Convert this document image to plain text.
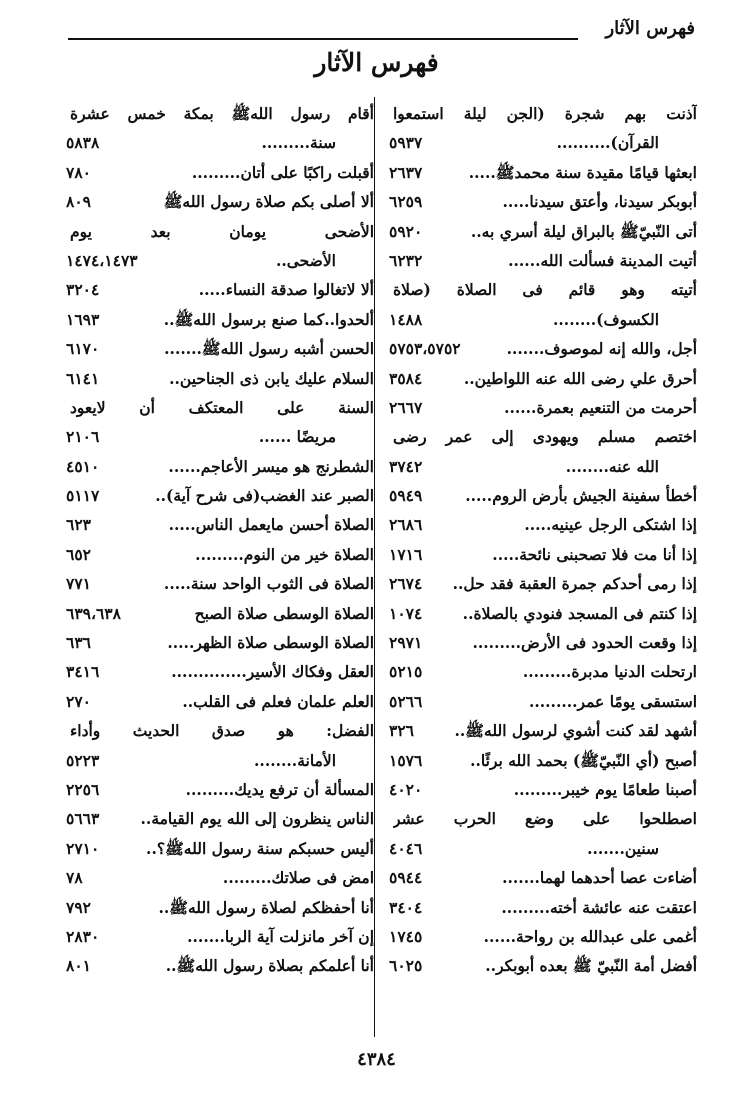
فهرس الآثار
فهرس الآثار
آذنت بهم شجرة (الجن ليلة استمعوا
القرآن)..........
٥٩٣٧
ابعثها قيامًا مقيدة سنة محمدﷺ.....
٢٦٣٧
أبوبكر سيدنا، وأعتق سيدنا.....
٦٢٥٩
أتى النّبيّﷺ بالبراق ليلة أسري به..
٥٩٢٠
أتيت المدينة فسألت الله......
٦٢٣٢
أتيته وهو قائم فى الصلاة (صلاة
الكسوف)........
١٤٨٨
أجل، والله إنه لموصوف.......
٥٧٥٣،٥٧٥٢
أحرق علي رضى الله عنه اللواطين..
٣٥٨٤
أحرمت من التنعيم بعمرة......
٢٦٦٧
اختصم مسلم ويهودى إلى عمر رضى
الله عنه........
٣٧٤٢
أخطأ سفينة الجيش بأرض الروم.....
٥٩٤٩
إذا اشتكى الرجل عينيه.....
٢٦٨٦
إذا أنا مت فلا تصحبنى نائحة.....
١٧١٦
إذا رمى أحدكم جمرة العقبة فقد حل..
٢٦٧٤
إذا كنتم فى المسجد فنودي بالصلاة..
١٠٧٤
إذا وقعت الحدود فى الأرض.........
٢٩٧١
ارتحلت الدنيا مدبرة.........
٥٢١٥
استسقى يومًا عمر.........
٥٢٦٦
أشهد لقد كنت أشوي لرسول اللهﷺ..
٣٢٦
أصبح (أي النّبيّﷺ) بحمد الله برئًا..
١٥٧٦
أصبنا طعامًا يوم خيبر.........
٤٠٢٠
اصطلحوا على وضع الحرب عشر
سنين.......
٤٠٤٦
أضاءت عصا أحدهما لهما.......
٥٩٤٤
اعتقت عنه عائشة أخته.........
٣٤٠٤
أغمى على عبدالله بن رواحة......
١٧٤٥
أفضل أمة النّبيّ ﷺ بعده أبوبكر..
٦٠٢٥
أقام رسول اللهﷺ بمكة خمس عشرة
سنة.........
٥٨٣٨
أقبلت راكبًا على أتان.........
٧٨٠
ألا أصلى بكم صلاة رسول اللهﷺ
٨٠٩
الأضحى يومان بعد يوم
الأضحى..
١٤٧٤،١٤٧٣
ألا لاتغالوا صدقة النساء.....
٣٢٠٤
ألحدوا..كما صنع برسول اللهﷺ..
١٦٩٣
الحسن أشبه رسول اللهﷺ.......
٦١٧٠
السلام عليك يابن ذى الجناحين..
٦١٤١
السنة على المعتكف أن لايعود
مريضًا ......
٢١٠٦
الشطرنج هو ميسر الأعاجم......
٤٥١٠
الصبر عند الغضب(فى شرح آية)..
٥١١٧
الصلاة أحسن مايعمل الناس.....
٦٢٣
الصلاة خير من النوم.........
٦٥٢
الصلاة فى الثوب الواحد سنة.....
٧٧١
الصلاة الوسطى صلاة الصبح
٦٣٩،٦٣٨
الصلاة الوسطى صلاة الظهر.....
٦٣٦
العقل وفكاك الأسير..............
٣٤١٦
العلم علمان فعلم فى القلب..
٢٧٠
الفضل: هو صدق الحديث وأداء
الأمانة........
٥٢٢٣
المسألة أن ترفع يديك.........
٢٢٥٦
الناس ينظرون إلى الله يوم القيامة..
٥٦٦٣
أليس حسبكم سنة رسول اللهﷺ؟..
٢٧١٠
امض فى صلاتك.........
٧٨
أنا أحفظكم لصلاة رسول اللهﷺ..
٧٩٢
إن آخر مانزلت آية الربا.......
٢٨٣٠
أنا أعلمكم بصلاة رسول اللهﷺ..
٨٠١
٤٣٨٤
